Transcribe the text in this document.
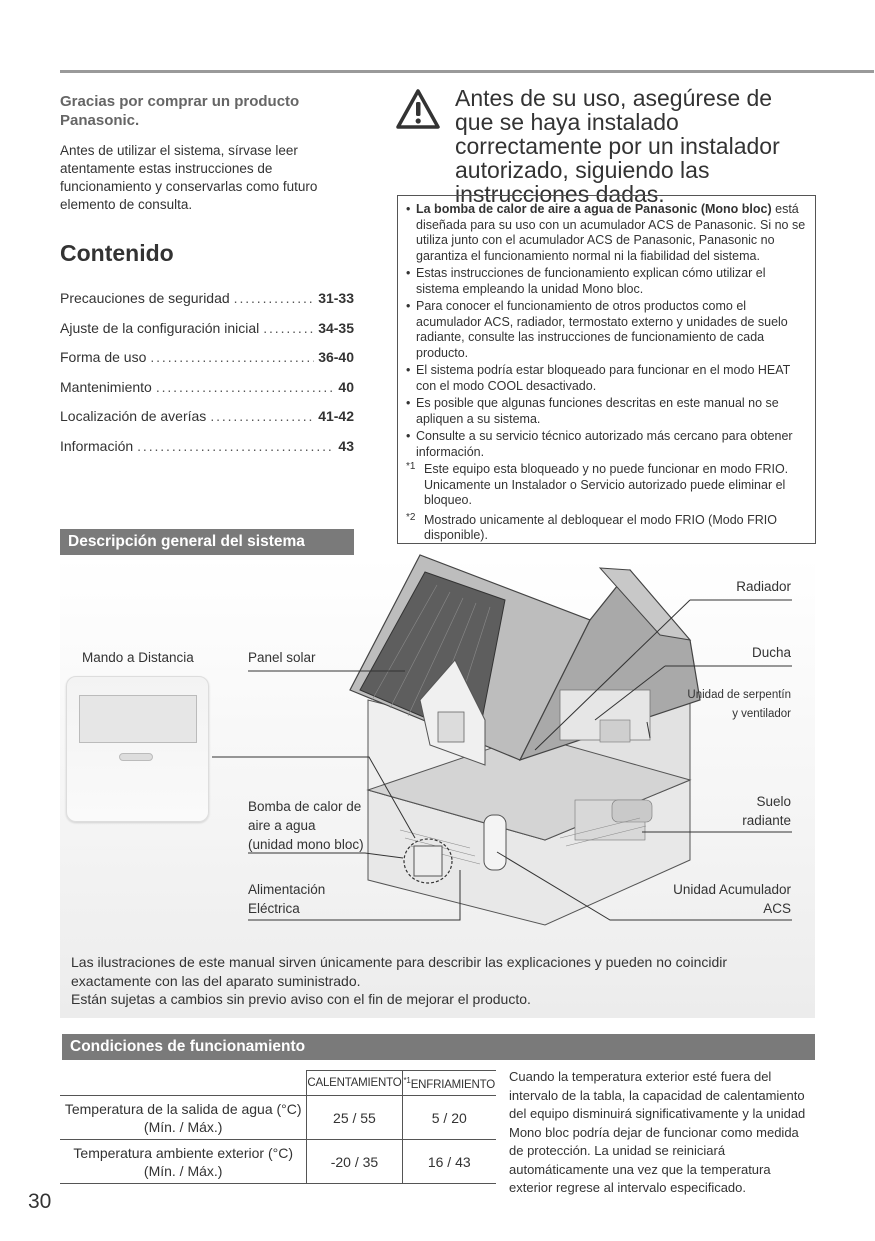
Gracias por comprar un producto Panasonic.
Antes de utilizar el sistema, sírvase leer atentamente estas instrucciones de funcionamiento y conservarlas como futuro elemento de consulta.
Contenido
Precauciones de seguridad . . .	31-33
Ajuste de la configuración inicial . . .	34-35
Forma de uso . . .	36-40
Mantenimiento . . .	40
Localización de averías . . .	41-42
Información . . .	43
Antes de su uso, asegúrese de que se haya instalado correctamente por un instalador autorizado, siguiendo las instrucciones dadas.
• La bomba de calor de aire a agua de Panasonic (Mono bloc) está diseñada para su uso con un acumulador ACS de Panasonic. Si no se utiliza junto con el acumulador ACS de Panasonic, Panasonic no garantiza el funcionamiento normal ni la fiabilidad del sistema.
• Estas instrucciones de funcionamiento explican cómo utilizar el sistema empleando la unidad Mono bloc.
• Para conocer el funcionamiento de otros productos como el acumulador ACS, radiador, termostato externo y unidades de suelo radiante, consulte las instrucciones de funcionamiento de cada producto.
• El sistema podría estar bloqueado para funcionar en el modo HEAT con el modo COOL desactivado.
• Es posible que algunas funciones descritas en este manual no se apliquen a su sistema.
• Consulte a su servicio técnico autorizado más cercano para obtener información.
*1 Este equipo esta bloqueado y no puede funcionar en modo FRIO. Unicamente un Instalador o Servicio autorizado puede eliminar el bloqueo.
*2 Mostrado unicamente al debloquear el modo FRIO (Modo FRIO disponible).
Descripción general del sistema
Mando a Distancia	Panel solar
Radiador
Ducha
Unidad de serpentín
y ventilador
Bomba de calor de
aire a agua
(unidad mono bloc)
Suelo
radiante
Alimentación
Eléctrica
Unidad Acumulador
ACS
Las ilustraciones de este manual sirven únicamente para describir las explicaciones y pueden no coincidir exactamente con las del aparato suministrado.
Están sujetas a cambios sin previo aviso con el fin de mejorar el producto.
Condiciones de funcionamiento
	CALENTAMIENTO	$^{*1}$ENFRIAMIENTO
Temperatura de la salida de agua (°C)
(Mín. / Máx.)	25 / 55	5 / 20
Temperatura ambiente exterior (°C)
(Mín. / Máx.)	-20 / 35	16 / 43
Cuando la temperatura exterior esté fuera del intervalo de la tabla, la capacidad de calentamiento del equipo disminuirá significativamente y la unidad Mono bloc podría dejar de funcionar como medida de protección. La unidad se reiniciará automáticamente una vez que la temperatura exterior regrese al intervalo especificado.
30
